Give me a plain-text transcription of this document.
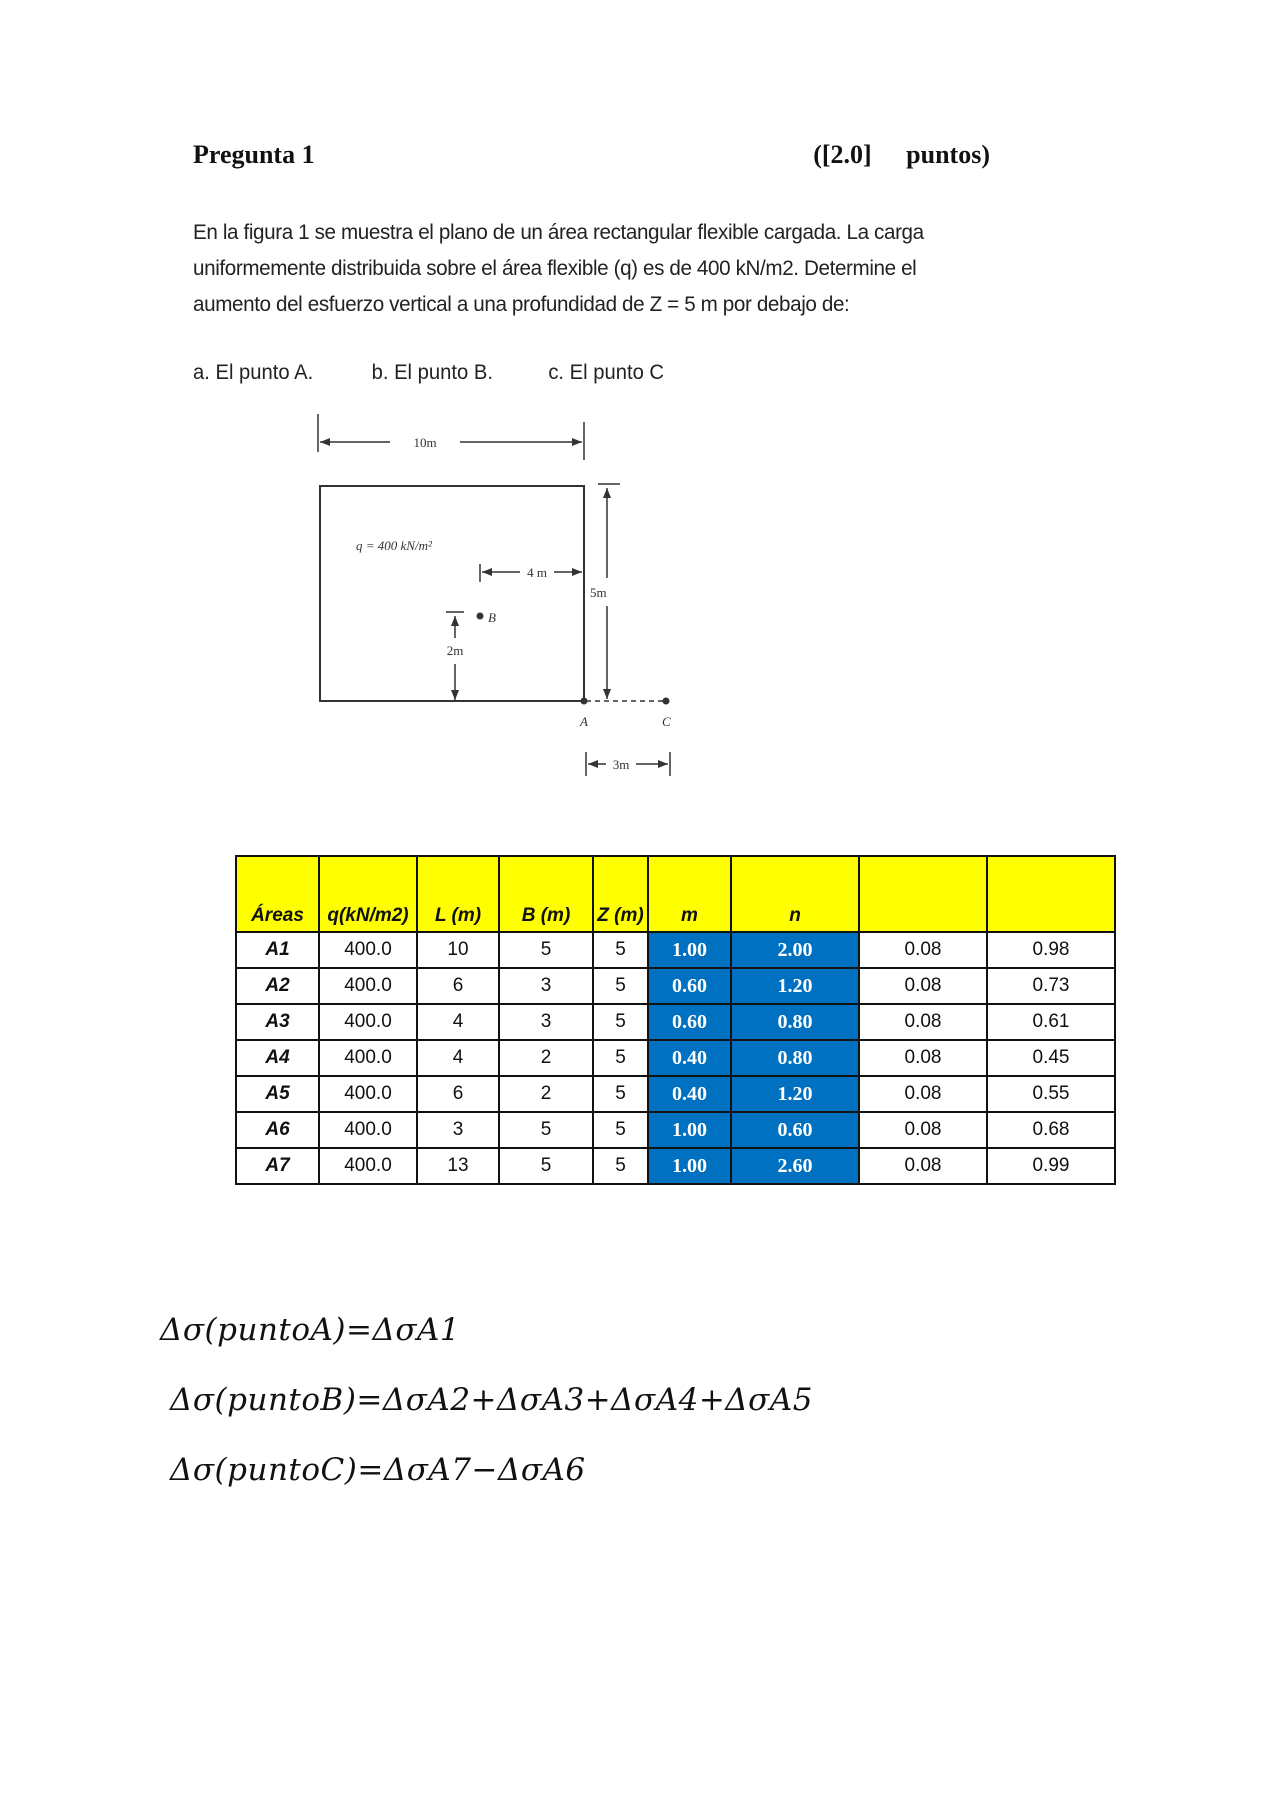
Pregunta 1	([2.0] puntos)
En la figura 1 se muestra el plano de un área rectangular flexible cargada. La carga uniformemente distribuida sobre el área flexible (q) es de 400 kN/m2. Determine el aumento del esfuerzo vertical a una profundidad de Z = 5 m por debajo de:
a. El punto A.	b. El punto B.	c. El punto C
10m
q = 400 kN/m²
4 m
5m
2m
B
A	C
3m
Áreas	q(kN/m2)	L (m)	B (m)	Z (m)	m	n		
A1	400.0	10	5	5	1.00	2.00	0.08	0.98
A2	400.0	6	3	5	0.60	1.20	0.08	0.73
A3	400.0	4	3	5	0.60	0.80	0.08	0.61
A4	400.0	4	2	5	0.40	0.80	0.08	0.45
A5	400.0	6	2	5	0.40	1.20	0.08	0.55
A6	400.0	3	5	5	1.00	0.60	0.08	0.68
A7	400.0	13	5	5	1.00	2.60	0.08	0.99
Δσ(puntoA)=ΔσA1
Δσ(puntoB)=ΔσA2+ΔσA3+ΔσA4+ΔσA5
Δσ(puntoC)=ΔσA7−ΔσA6
